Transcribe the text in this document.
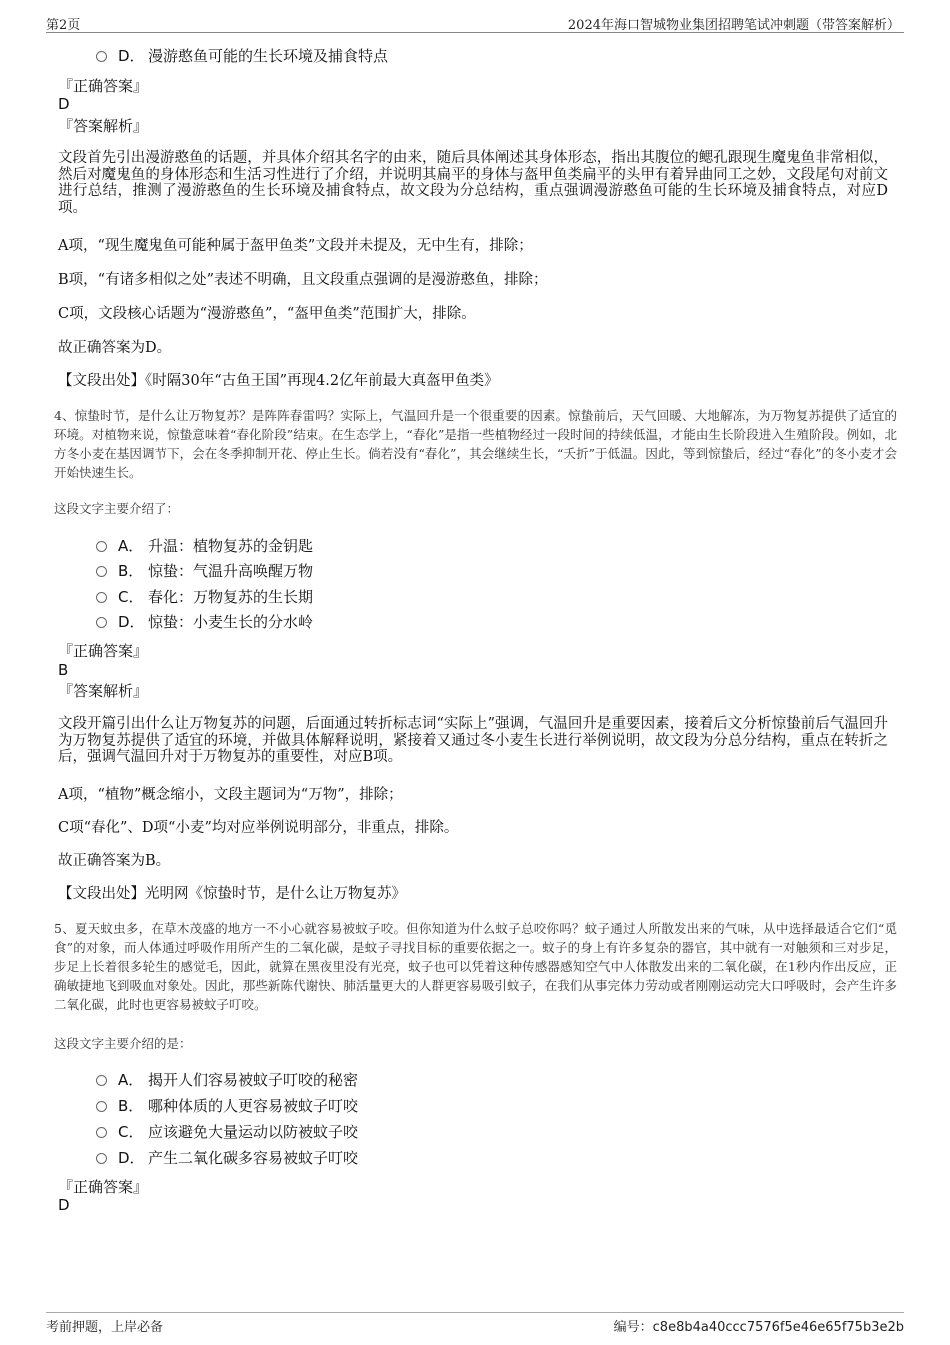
第2页	2024年海口智城物业集团招聘笔试冲刺题（带答案解析）
D． 漫游憨鱼可能的生长环境及捕食特点
『正确答案』
D
『答案解析』
文段首先引出漫游憨鱼的话题，并具体介绍其名字的由来，随后具体阐述其身体形态，指出其腹位的鳃孔跟现生魔鬼鱼非常相似，然后对魔鬼鱼的身体形态和生活习性进行了介绍，并说明其扁平的身体与盔甲鱼类扁平的头甲有着异曲同工之妙，文段尾句对前文进行总结，推测了漫游憨鱼的生长环境及捕食特点，故文段为分总结构，重点强调漫游憨鱼可能的生长环境及捕食特点，对应D项。
A项，“现生魔鬼鱼可能种属于盔甲鱼类”文段并未提及，无中生有，排除；
B项，“有诸多相似之处”表述不明确，且文段重点强调的是漫游憨鱼，排除；
C项，文段核心话题为“漫游憨鱼”，“盔甲鱼类”范围扩大，排除。
故正确答案为D。
【文段出处】《时隔30年“古鱼王国”再现4.2亿年前最大真盔甲鱼类》
4、惊蛰时节，是什么让万物复苏？是阵阵春雷吗？实际上，气温回升是一个很重要的因素。惊蛰前后，天气回暖、大地解冻，为万物复苏提供了适宜的环境。对植物来说，惊蛰意味着“春化阶段”结束。在生态学上，“春化”是指一些植物经过一段时间的持续低温，才能由生长阶段进入生殖阶段。例如，北方冬小麦在基因调节下，会在冬季抑制开花、停止生长。倘若没有“春化”，其会继续生长，“夭折”于低温。因此，等到惊蛰后，经过“春化”的冬小麦才会开始快速生长。
这段文字主要介绍了：
A． 升温：植物复苏的金钥匙
B． 惊蛰：气温升高唤醒万物
C． 春化：万物复苏的生长期
D． 惊蛰：小麦生长的分水岭
『正确答案』
B
『答案解析』
文段开篇引出什么让万物复苏的问题，后面通过转折标志词“实际上”强调，气温回升是重要因素，接着后文分析惊蛰前后气温回升为万物复苏提供了适宜的环境，并做具体解释说明，紧接着又通过冬小麦生长进行举例说明，故文段为分总分结构，重点在转折之后，强调气温回升对于万物复苏的重要性，对应B项。
A项，“植物”概念缩小，文段主题词为“万物”，排除；
C项“春化”、D项“小麦”均对应举例说明部分，非重点，排除。
故正确答案为B。
【文段出处】光明网《惊蛰时节，是什么让万物复苏》
5、夏天蚊虫多，在草木茂盛的地方一不小心就容易被蚊子咬。但你知道为什么蚊子总咬你吗？蚊子通过人所散发出来的气味，从中选择最适合它们“觅食”的对象，而人体通过呼吸作用所产生的二氧化碳，是蚊子寻找目标的重要依据之一。蚊子的身上有许多复杂的器官，其中就有一对触须和三对步足，步足上长着很多轮生的感觉毛，因此，就算在黑夜里没有光亮，蚊子也可以凭着这种传感器感知空气中人体散发出来的二氧化碳，在1秒内作出反应，正确敏捷地飞到吸血对象处。因此，那些新陈代谢快、肺活量更大的人群更容易吸引蚊子，在我们从事完体力劳动或者刚刚运动完大口呼吸时，会产生许多二氧化碳，此时也更容易被蚊子叮咬。
这段文字主要介绍的是：
A． 揭开人们容易被蚊子叮咬的秘密
B． 哪种体质的人更容易被蚊子叮咬
C． 应该避免大量运动以防被蚊子咬
D． 产生二氧化碳多容易被蚊子叮咬
『正确答案』
D
考前押题，上岸必备	编号：c8e8b4a40ccc7576f5e46e65f75b3e2b
